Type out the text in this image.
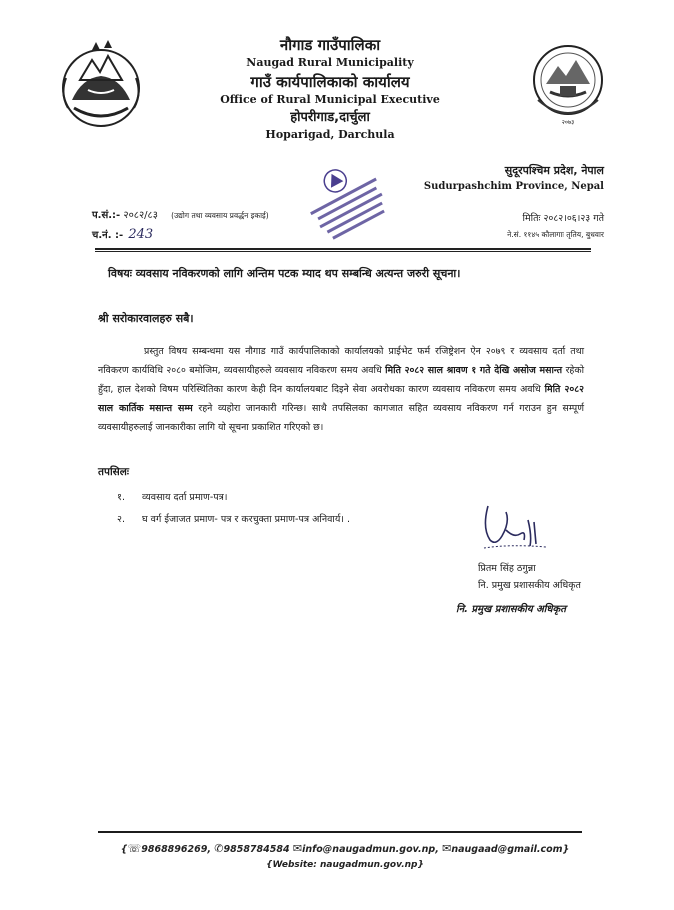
२०७३
नौगाड गाउँपालिका
Naugad Rural Municipality
गाउँ कार्यपालिकाको कार्यालय
Office of Rural Municipal Executive
होपरीगाड,दार्चुला
Hoparigad, Darchula
सुदूरपश्चिम प्रदेश, नेपाल
Sudurpashchim Province, Nepal
प.सं.:- २०८२/८३ (उद्योग तथा व्यवसाय प्रवर्द्धन इकाई)
च.नं. :- 243
मितिः २०८२।०६।२३ गते
ने.सं. ११४५ कौलागाः तृतिय, बुधवार
विषयः व्यवसाय नविकरणको लागि अन्तिम पटक म्याद थप सम्बन्धि अत्यन्त जरुरी सूचना।
श्री सरोकारवालहरु सबै।
प्रस्तुत विषय सम्बन्धमा यस नौगाड गाउँ कार्यपालिकाको कार्यालयको प्राईभेट फर्म रजिष्ट्रेशन ऐन २०७९ र व्यवसाय दर्ता तथा नविकरण कार्यविधि २०८० बमोजिम, व्यवसायीहरुले व्यवसाय नविकरण समय अवधि मिति २०८२ साल श्रावण १ गते देखि असोज मसान्त रहेको हुँदा, हाल देशको विषम परिस्थितिका कारण केही दिन कार्यालयबाट दिइने सेवा अवरोधका कारण व्यवसाय नविकरण समय अवधि मिति २०८२ साल कार्तिक मसान्त सम्म रहने व्यहोरा जानकारी गरिन्छ। साथै तपसिलका कागजात सहित व्यवसाय नविकरण गर्न गराउन हुन सम्पूर्ण व्यवसायीहरुलाई जानकारीका लागि यो सूचना प्रकाशित गरिएको छ।
तपसिलः
१. व्यवसाय दर्ता प्रमाण-पत्र।
२. घ वर्ग ईजाजत प्रमाण- पत्र र करचुक्ता प्रमाण-पत्र अनिवार्य। .
प्रितम सिंह ठगुन्ना
नि. प्रमुख प्रशासकीय अधिकृत
नि. प्रमुख प्रशासकीय अधिकृत
{☏9868896269, ✆9858784584 ✉info@naugadmun.gov.np, ✉naugaad@gmail.com}
{Website: naugadmun.gov.np}
